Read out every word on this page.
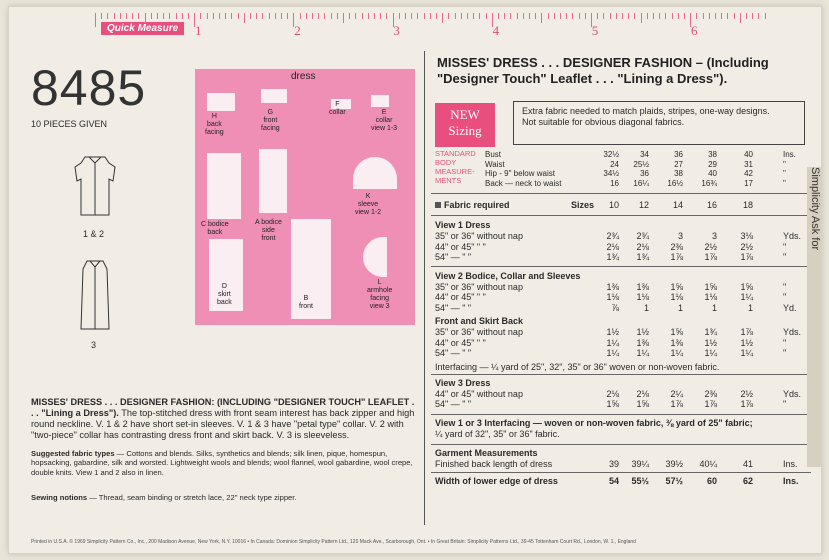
Quick Measure	1	2	3	4	5	6
8485
10 PIECES GIVEN
1 & 2
3
H
back
facing
G
front
facing
F
collar	E
collar
view 1-3
K
sleeve
view 1-2
C bodice
back
A bodice
side
front
D
skirt
back
B
front
L
armhole
facing
view 3
dress
MISSES' DRESS . . . DESIGNER FASHION: (INCLUDING "DESIGNER TOUCH" LEAFLET . . . "Lining a Dress"). The top-stitched dress with front seam interest has back zipper and high round neckline. V. 1 & 2 have short set-in sleeves. V. 1 & 3 have "petal type" collar. V. 2 with "two-piece" collar has contrasting dress front and skirt back. V. 3 is sleeveless.
Suggested fabric types — Cottons and blends. Silks, synthetics and blends; silk linen, pique, homespun, hopsacking, gabardine, silk and worsted. Lightweight wools and blends; wool flannel, wool gabardine, wool crepe, double knits. View 1 and 2 also in linen.
Sewing notions — Thread, seam binding or stretch lace, 22" neck type zipper.
Printed in U.S.A. © 1969 Simplicity Pattern Co., Inc., 200 Madison Avenue, New York, N.Y. 10016 • In Canada: Dominion Simplicity Pattern Ltd., 120 Mack Ave., Scarborough, Ont. • In Great Britain: Simplicity Patterns Ltd., 39-45 Tottenham Court Rd., London, W. 1., England
MISSES' DRESS . . . DESIGNER FASHION – (Including "Designer Touch" Leaflet . . . "Lining a Dress").
NEW
Sizing
Extra fabric needed to match plaids, stripes, one-way designs.
Not suitable for obvious diagonal fabrics.
STANDARD
BODY
MEASURE-
MENTS
Bust	32½	34	36	38	40	Ins.
Waist	24	25½	27	29	31	"
Hip - 9" below waist	34½	36	38	40	42	"
Back — neck to waist	16	16¼	16½	16¾	17	"
Fabric required	Sizes	10	12	14	16	18
View 1 Dress
35" or 36" without nap	2¾	2¾	3	3	3⅛	Yds.
44" or 45" " "	2⅛	2⅛	2⅜	2½	2½	"
54" — " "	1¾	1¾	1⅞	1⅞	1⅞	"
View 2 Bodice, Collar and Sleeves
35" or 36" without nap	1⅜	1⅜	1⅝	1⅝	1⅝	"
44" or 45" " "	1⅛	1⅛	1⅛	1⅛	1¼	"
54" — " "	⅞	1	1	1	1	Yd.
Front and Skirt Back
35" or 36" without nap	1½	1½	1⅝	1¾	1⅞	Yds.
44" or 45" " "	1¼	1⅜	1⅜	1½	1½	"
54" — " "	1¼	1¼	1¼	1¼	1¼	"
Interfacing — ¼ yard of 25", 32", 35" or 36" woven or non-woven fabric.
View 3 Dress
44" or 45" without nap	2⅛	2⅛	2¼	2⅜	2½	Yds.
54" — " "	1⅝	1⅝	1⅞	1⅞	1⅞	"
View 1 or 3 Interfacing — woven or non-woven fabric, ⅜ yard of 25" fabric;
¼ yard of 32", 35" or 36" fabric.
Garment Measurements
Finished back length of dress	39	39¼	39½	40¼	41	Ins.
Width of lower edge of dress	54	55½	57½	60	62	Ins.
Simplicity Ask for
